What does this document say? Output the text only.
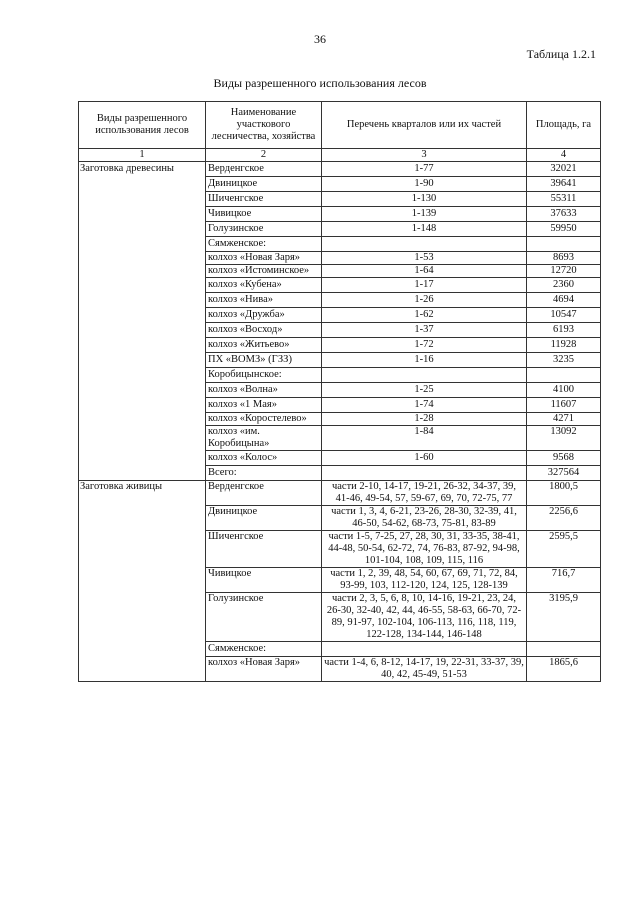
36
Таблица 1.2.1
Виды разрешенного использования лесов
Виды разрешенного использования лесов	Наименование участкового лесничества, хозяйства	Перечень кварталов или их частей	Площадь, га
1	2	3	4
Заготовка древесины	Верденгское	1-77	32021
	Двиницкое	1-90	39641
	Шиченгское	1-130	55311
	Чивицкое	1-139	37633
	Голузинское	1-148	59950
	Сямженское:		
	колхоз «Новая Заря»	1-53	8693
	колхоз «Истоминское»	1-64	12720
	колхоз «Кубена»	1-17	2360
	колхоз «Нива»	1-26	4694
	колхоз «Дружба»	1-62	10547
	колхоз «Восход»	1-37	6193
	колхоз «Житьево»	1-72	11928
	ПХ «ВОМЗ» (ГЗЗ)	1-16	3235
	Коробицынское:		
	колхоз «Волна»	1-25	4100
	колхоз «1 Мая»	1-74	11607
	колхоз «Коростелево»	1-28	4271
	колхоз «им. Коробицына»	1-84	13092
	колхоз «Колос»	1-60	9568
	Всего:		327564
Заготовка живицы	Верденгское	части 2-10, 14-17, 19-21, 26-32, 34-37, 39, 41-46, 49-54, 57, 59-67, 69, 70, 72-75, 77	1800,5
	Двиницкое	части 1, 3, 4, 6-21, 23-26, 28-30, 32-39, 41, 46-50, 54-62, 68-73, 75-81, 83-89	2256,6
	Шиченгское	части 1-5, 7-25, 27, 28, 30, 31, 33-35, 38-41, 44-48, 50-54, 62-72, 74, 76-83, 87-92, 94-98, 101-104, 108, 109, 115, 116	2595,5
	Чивицкое	части 1, 2, 39, 48, 54, 60, 67, 69, 71, 72, 84, 93-99, 103, 112-120, 124, 125, 128-139	716,7
	Голузинское	части 2, 3, 5, 6, 8, 10, 14-16, 19-21, 23, 24, 26-30, 32-40, 42, 44, 46-55, 58-63, 66-70, 72-89, 91-97, 102-104, 106-113, 116, 118, 119, 122-128, 134-144, 146-148	3195,9
	Сямженское:		
	колхоз «Новая Заря»	части 1-4, 6, 8-12, 14-17, 19, 22-31, 33-37, 39, 40, 42, 45-49, 51-53	1865,6
